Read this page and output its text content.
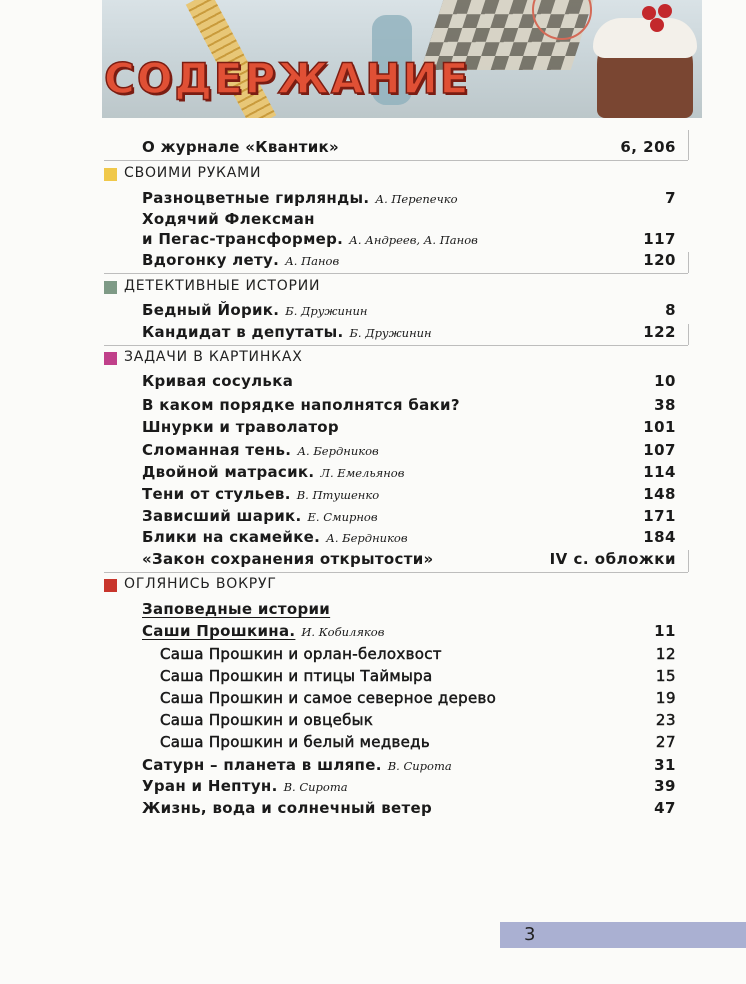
СОДЕРЖАНИЕ
О журнале «Квантик»	6, 206
СВОИМИ РУКАМИ
Разноцветные гирлянды. А. Перепечко	7
Ходячий Флексман
и Пегас-трансформер. А. Андреев, А. Панов	117
Вдогонку лету. А. Панов	120
ДЕТЕКТИВНЫЕ ИСТОРИИ
Бедный Йорик. Б. Дружинин	8
Кандидат в депутаты. Б. Дружинин	122
ЗАДАЧИ В КАРТИНКАХ
Кривая сосулька	10
В каком порядке наполнятся баки?	38
Шнурки и траволатор	101
Сломанная тень. А. Бердников	107
Двойной матрасик. Л. Емельянов	114
Тени от стульев. В. Птушенко	148
Зависший шарик. Е. Смирнов	171
Блики на скамейке. А. Бердников	184
«Закон сохранения открытости»	IV с. обложки
ОГЛЯНИСЬ ВОКРУГ
Заповедные истории
Саши Прошкина. И. Кобиляков	11
Саша Прошкин и орлан-белохвост	12
Саша Прошкин и птицы Таймыра	15
Саша Прошкин и самое северное дерево	19
Саша Прошкин и овцебык	23
Саша Прошкин и белый медведь	27
Сатурн – планета в шляпе. В. Сирота	31
Уран и Нептун. В. Сирота	39
Жизнь, вода и солнечный ветер	47
3
